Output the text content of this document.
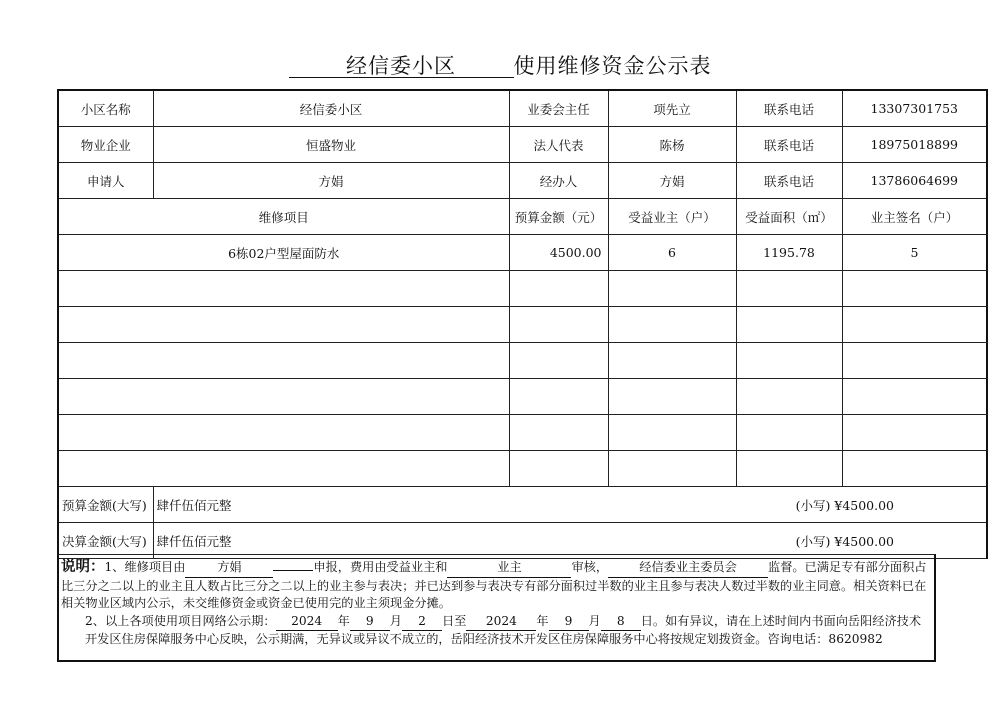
经信委小区	使用维修资金公示表
小区名称	经信委小区	业委会主任	项先立	联系电话	13307301753	
物业企业	恒盛物业	法人代表	陈杨	联系电话	18975018899	
申请人	方娟	经办人	方娟	联系电话	13786064699	
维修项目		预算金额（元）	受益业主（户）	受益面积（㎡）	业主签名（户）	
6栋02户型屋面防水		4500.00	6	1195.78	5	

预算金额(大写)	肆仟伍佰元整 (小写) ¥4500.00					

决算金额(大写)	肆仟伍佰元整 (小写) ¥4500.00					
说明：1、维修项目由	方娟	申报，费用由受益业主和	业主	审核，	经信委业主委员会	监督。已满足专有部分面积占比三分之二以上的业主且人数占比三分之二以上的业主参与表决；并已达到参与表决专有部分面积过半数的业主且参与表决人数过半数的业主同意。相关资料已在相关物业区域内公示，未交维修资金或资金已使用完的业主须现金分摊。
2、以上各项使用项目网络公示期： 2024 年 9 月 2 日至 2024 年 9 月 8 日。如有异议，请在上述时间内书面向岳阳经济技术开发区住房保障服务中心反映，公示期满，无异议或异议不成立的，岳阳经济技术开发区住房保障服务中心将按规定划拨资金。咨询电话：8620982
